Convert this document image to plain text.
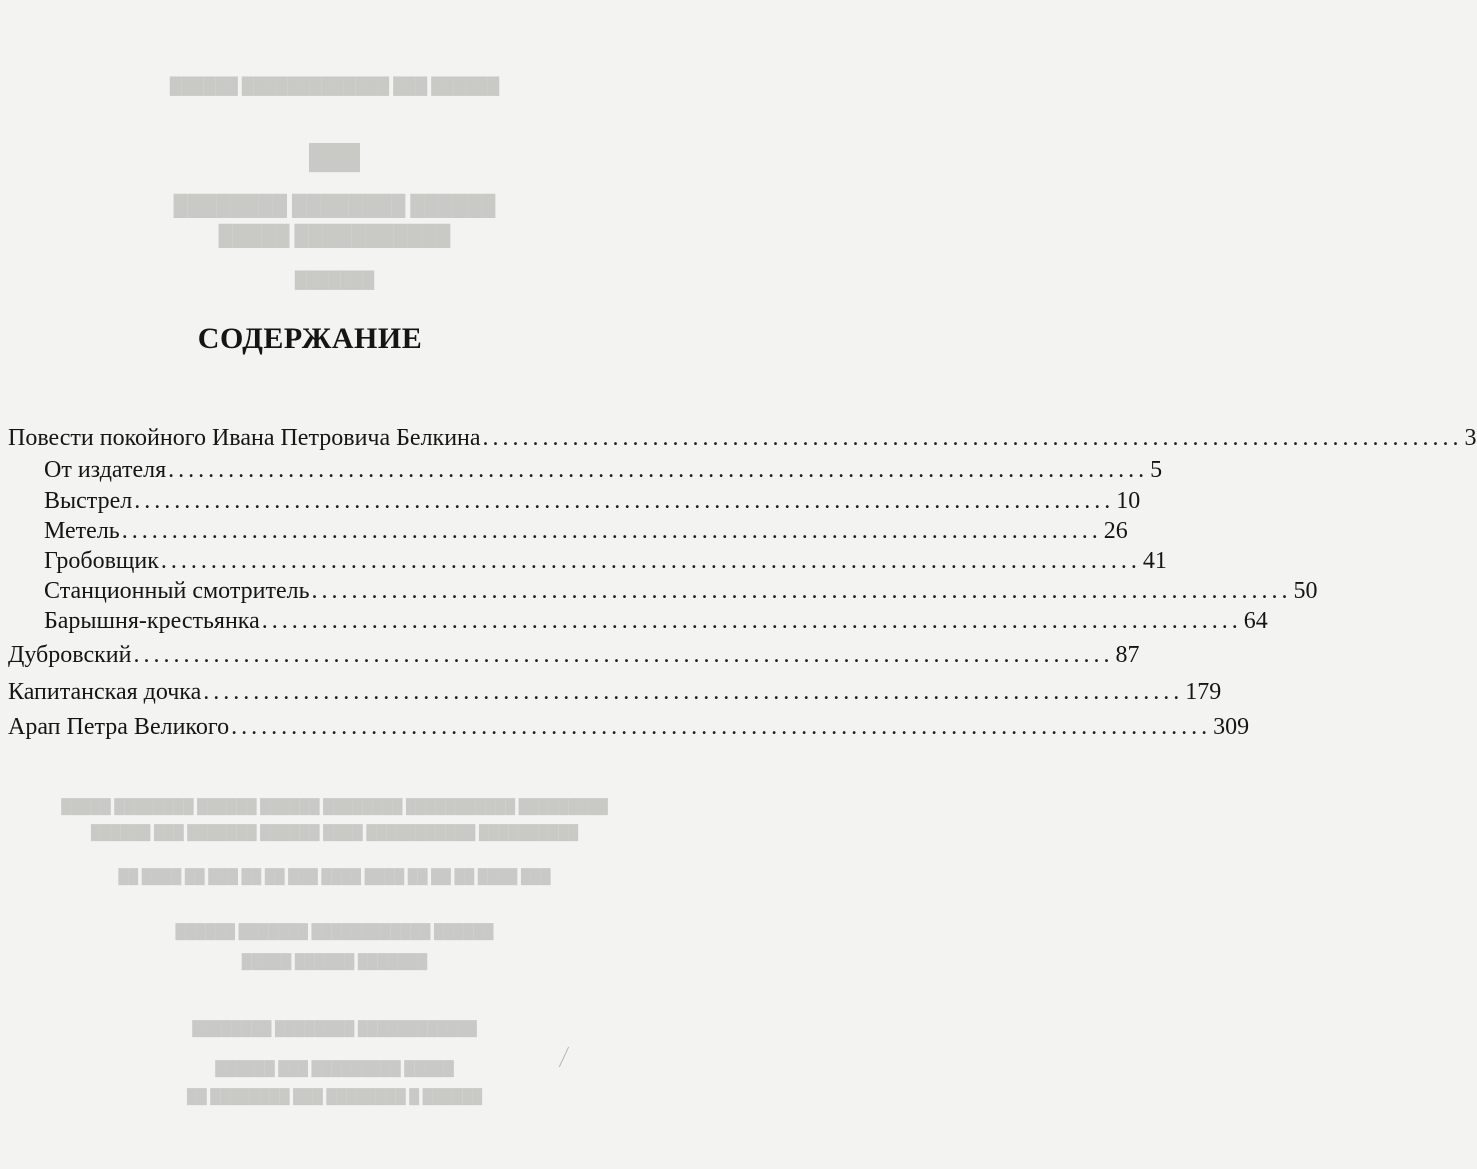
██████ ███ █████████████ ██████
███
██████ ████████ ████████
███████████ █████
███████
█████████ ███████████ ████████ ██████ ██████ ████████ █████
██████████ ███████████ ████ ██████ ███████ ███ ██████
███ ████ ██ ██ ██ ████ ████ ███ ██ ██ ███ ██ ████ ██
██████ ████████████ ███████ ██████
███████ ██████ █████
████████████ ████████ ████████
█████ █████████ ███ ██████
██████ █ ████████ ███ ████████ ██
СОДЕРЖАНИЕ
Повести покойного Ивана Петровича Белкина .................................................................................................. 3
От издателя .................................................................................................. 5
Выстрел .................................................................................................. 10
Метель .................................................................................................. 26
Гробовщик .................................................................................................. 41
Станционный смотритель .................................................................................................. 50
Барышня-крестьянка .................................................................................................. 64
Дубровский .................................................................................................. 87
Капитанская дочка .................................................................................................. 179
Арап Петра Великого .................................................................................................. 309
